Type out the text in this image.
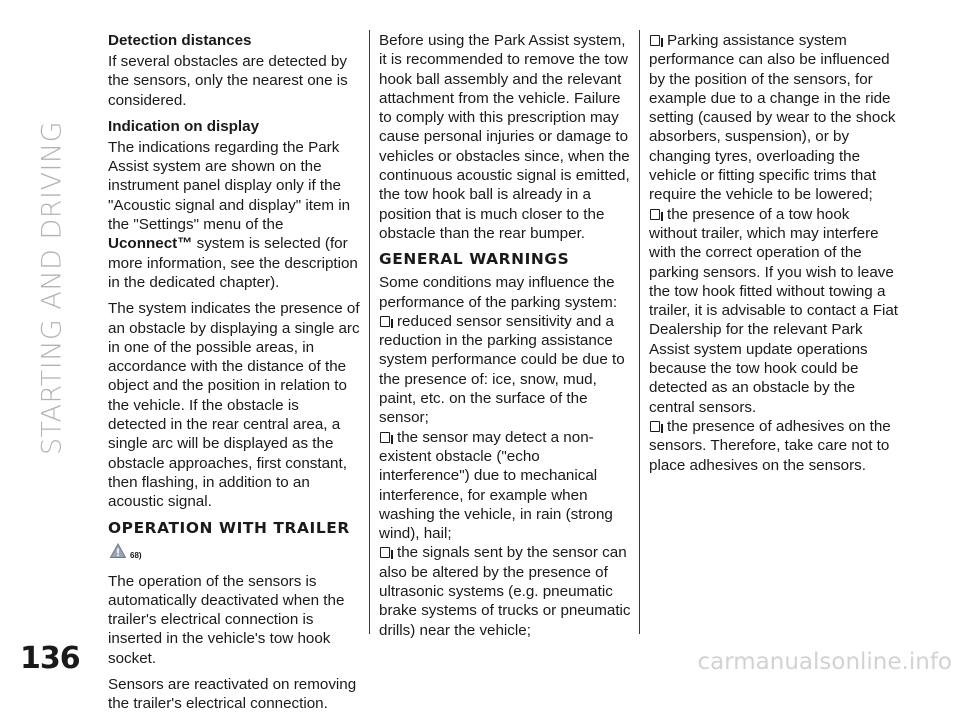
STARTING AND DRIVING
Detection distances

If several obstacles are detected by the sensors, only the nearest one is considered.

Indication on display

The indications regarding the Park Assist system are shown on the instrument panel display only if the "Acoustic signal and display" item in the "Settings" menu of the Uconnect™ system is selected (for more information, see the description in the dedicated chapter).

The system indicates the presence of an obstacle by displaying a single arc in one of the possible areas, in accordance with the distance of the object and the position in relation to the vehicle. If the obstacle is detected in the rear central area, a single arc will be displayed as the obstacle approaches, first constant, then flashing, in addition to an acoustic signal.

OPERATION WITH TRAILER
68)

The operation of the sensors is automatically deactivated when the trailer's electrical connection is inserted in the vehicle's tow hook socket.

Sensors are reactivated on removing the trailer's electrical connection.

Before using the Park Assist system, it is recommended to remove the tow hook ball assembly and the relevant attachment from the vehicle. Failure to comply with this prescription may cause personal injuries or damage to vehicles or obstacles since, when the continuous acoustic signal is emitted, the tow hook ball is already in a position that is much closer to the obstacle than the rear bumper.

GENERAL WARNINGS

Some conditions may influence the performance of the parking system:

reduced sensor sensitivity and a reduction in the parking assistance system performance could be due to the presence of: ice, snow, mud, paint, etc. on the surface of the sensor;

the sensor may detect a non-existent obstacle ("echo interference") due to mechanical interference, for example when washing the vehicle, in rain (strong wind), hail;

the signals sent by the sensor can also be altered by the presence of ultrasonic systems (e.g. pneumatic brake systems of trucks or pneumatic drills) near the vehicle;

Parking assistance system performance can also be influenced by the position of the sensors, for example due to a change in the ride setting (caused by wear to the shock absorbers, suspension), or by changing tyres, overloading the vehicle or fitting specific trims that require the vehicle to be lowered;

the presence of a tow hook without trailer, which may interfere with the correct operation of the parking sensors. If you wish to leave the tow hook fitted without towing a trailer, it is advisable to contact a Fiat Dealership for the relevant Park Assist system update operations because the tow hook could be detected as an obstacle by the central sensors.

the presence of adhesives on the sensors. Therefore, take care not to place adhesives on the sensors.

136	carmanualsonline.info
